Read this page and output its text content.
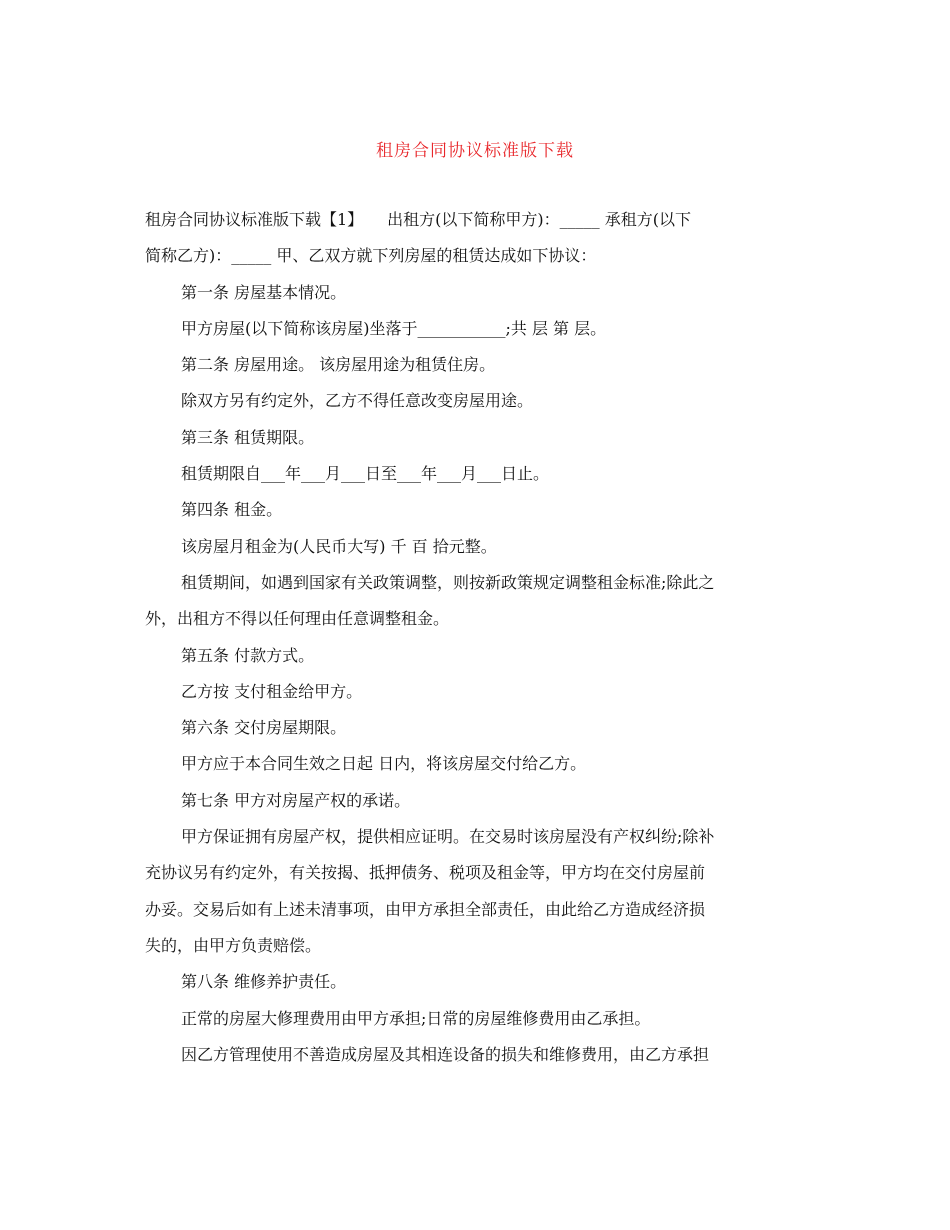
租房合同协议标准版下载
租房合同协议标准版下载【1】　　出租方(以下简称甲方)：_____ 承租方(以下
简称乙方)：_____ 甲、乙双方就下列房屋的租赁达成如下协议：
第一条 房屋基本情况。
甲方房屋(以下简称该房屋)坐落于___________;共 层 第 层。
第二条 房屋用途。 该房屋用途为租赁住房。
除双方另有约定外，乙方不得任意改变房屋用途。
第三条 租赁期限。
租赁期限自___年___月___日至___年___月___日止。
第四条 租金。
该房屋月租金为(人民币大写) 千 百 拾元整。
租赁期间，如遇到国家有关政策调整，则按新政策规定调整租金标准;除此之
外，出租方不得以任何理由任意调整租金。
第五条 付款方式。
乙方按 支付租金给甲方。
第六条 交付房屋期限。
甲方应于本合同生效之日起 日内，将该房屋交付给乙方。
第七条 甲方对房屋产权的承诺。
甲方保证拥有房屋产权，提供相应证明。在交易时该房屋没有产权纠纷;除补
充协议另有约定外，有关按揭、抵押债务、税项及租金等，甲方均在交付房屋前
办妥。交易后如有上述未清事项，由甲方承担全部责任，由此给乙方造成经济损
失的，由甲方负责赔偿。
第八条 维修养护责任。
正常的房屋大修理费用由甲方承担;日常的房屋维修费用由乙承担。
因乙方管理使用不善造成房屋及其相连设备的损失和维修费用，由乙方承担
